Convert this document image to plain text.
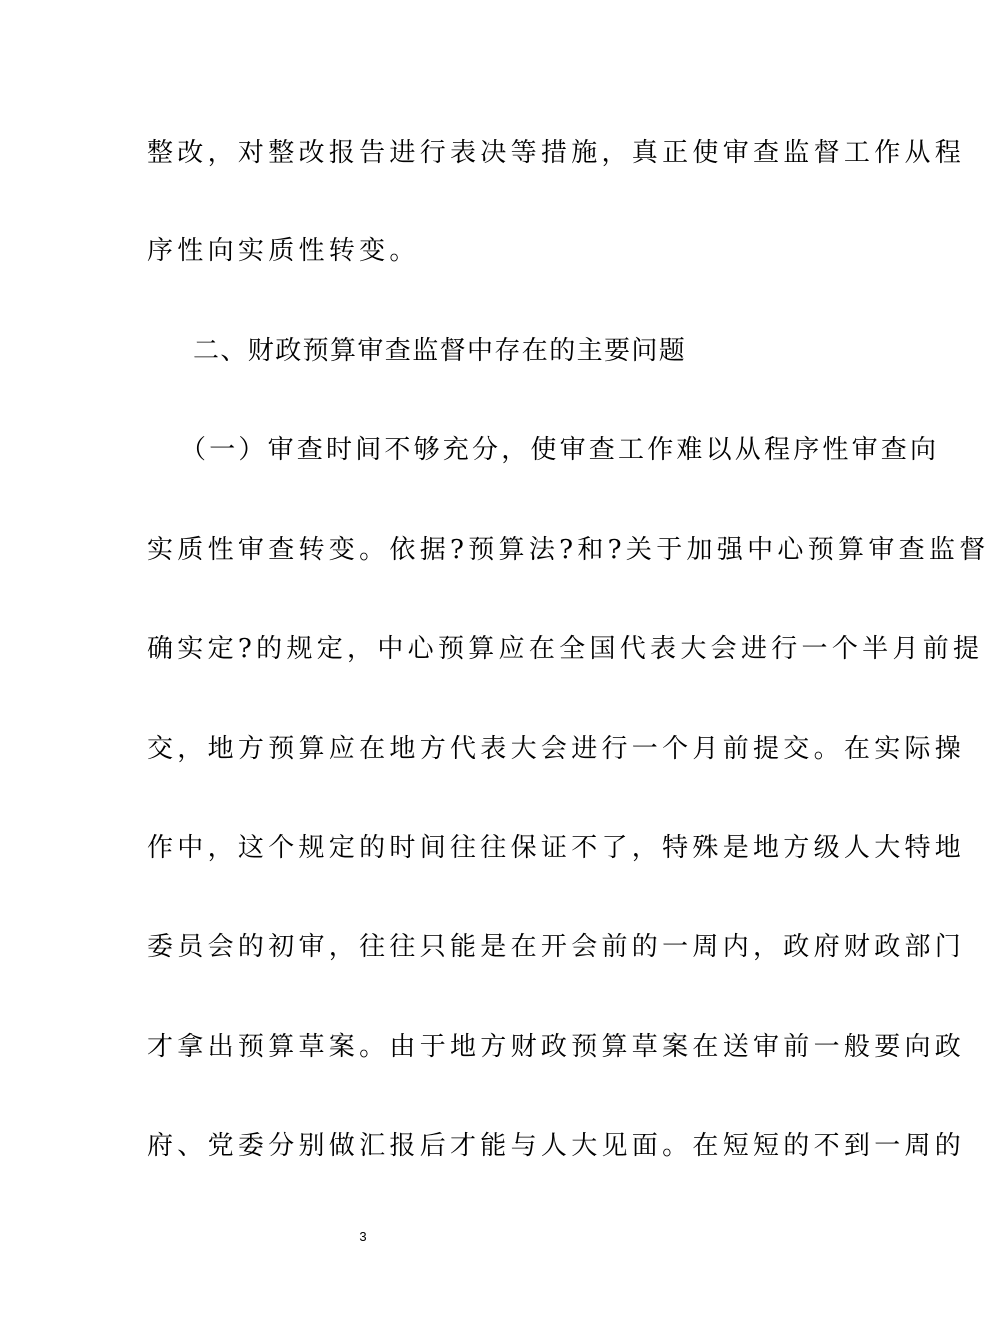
整改，对整改报告进行表决等措施，真正使审查监督工作从程
序性向实质性转变。
二、财政预算审查监督中存在的主要问题
（一）审查时间不够充分，使审查工作难以从程序性审查向
实质性审查转变。依据?预算法?和?关于加强中心预算审查监督
确实定?的规定，中心预算应在全国代表大会进行一个半月前提
交，地方预算应在地方代表大会进行一个月前提交。在实际操
作中，这个规定的时间往往保证不了，特殊是地方级人大特地
委员会的初审，往往只能是在开会前的一周内，政府财政部门
才拿出预算草案。由于地方财政预算草案在送审前一般要向政
府、党委分别做汇报后才能与人大见面。在短短的不到一周的
3
